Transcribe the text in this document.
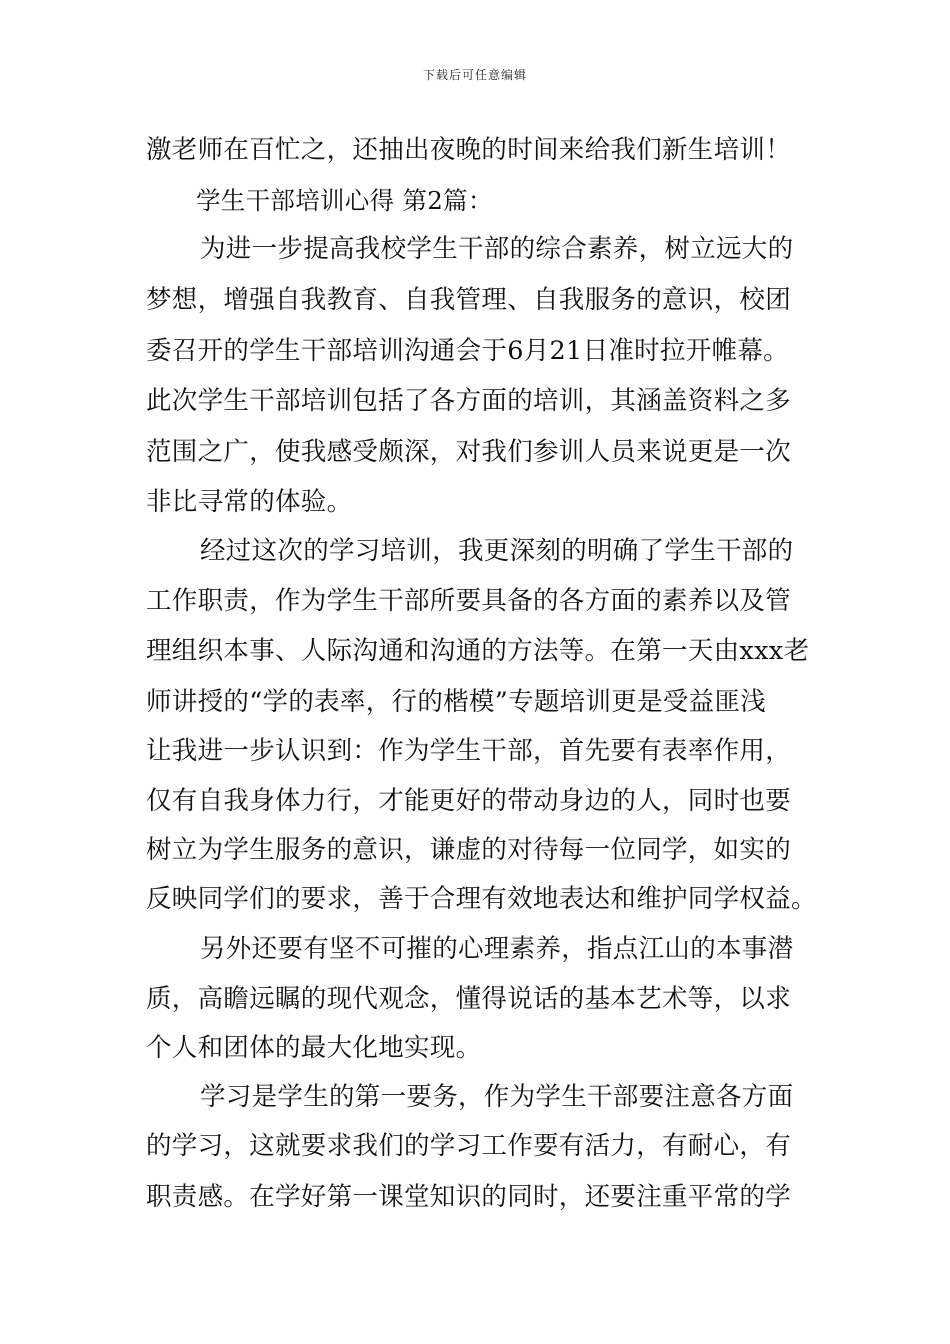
下载后可任意编辑
激老师在百忙之，还抽出夜晚的时间来给我们新生培训！
学生干部培训心得 第2篇：
为进一步提高我校学生干部的综合素养，树立远大的
梦想，增强自我教育、自我管理、自我服务的意识，校团
委召开的学生干部培训沟通会于6月21日准时拉开帷幕。
此次学生干部培训包括了各方面的培训，其涵盖资料之多
范围之广，使我感受颇深，对我们参训人员来说更是一次
非比寻常的体验。
经过这次的学习培训，我更深刻的明确了学生干部的
工作职责，作为学生干部所要具备的各方面的素养以及管
理组织本事、人际沟通和沟通的方法等。在第一天由xxx老
师讲授的“学的表率，行的楷模”专题培训更是受益匪浅
让我进一步认识到：作为学生干部，首先要有表率作用，
仅有自我身体力行，才能更好的带动身边的人，同时也要
树立为学生服务的意识，谦虚的对待每一位同学，如实的
反映同学们的要求，善于合理有效地表达和维护同学权益。
另外还要有坚不可摧的心理素养，指点江山的本事潜
质，高瞻远瞩的现代观念，懂得说话的基本艺术等，以求
个人和团体的最大化地实现。
学习是学生的第一要务，作为学生干部要注意各方面
的学习，这就要求我们的学习工作要有活力，有耐心，有
职责感。在学好第一课堂知识的同时，还要注重平常的学
